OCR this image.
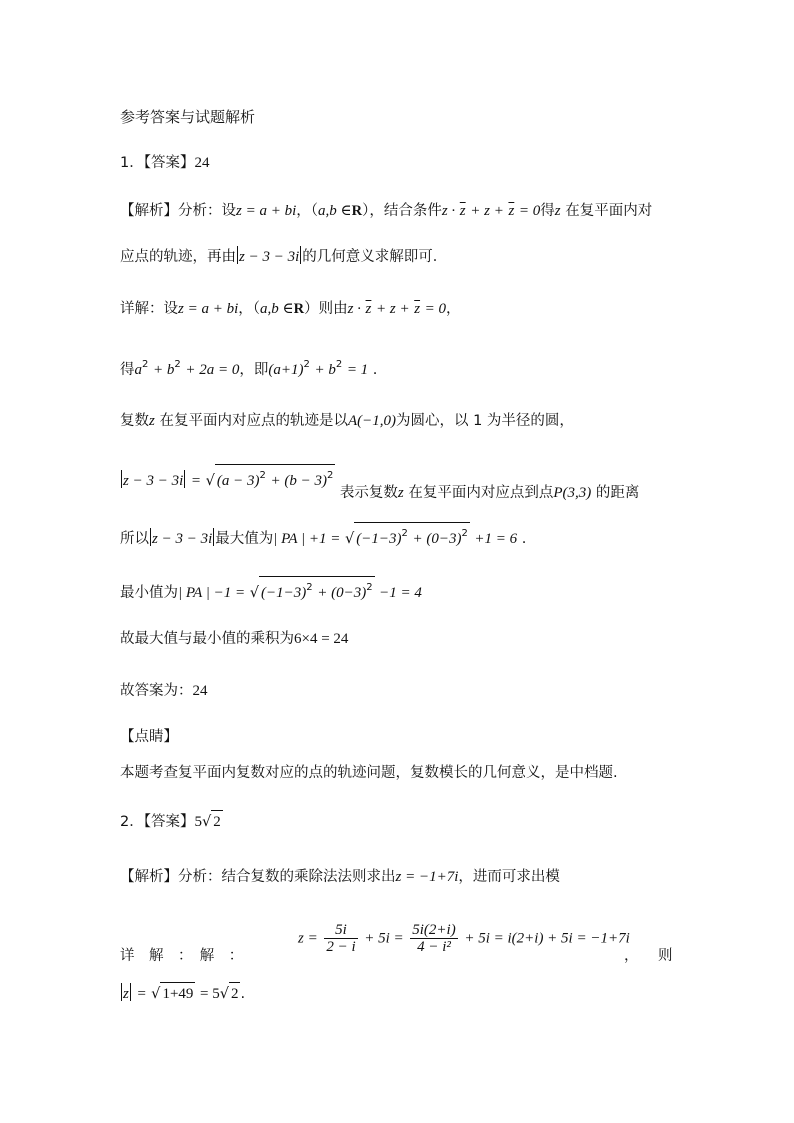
参考答案与试题解析
1．【答案】24
【解析】分析：设z = a + bi，（a,b ∈R），结合条件$z \cdot \overline{z} + z + \overline{z} = 0$得z 在复平面内对
应点的轨迹，再由 z − 3 − 3i 的几何意义求解即可．
详解：设z = a + bi，（a,b ∈R）则由$z \cdot \overline{z} + z + \overline{z} = 0$，
得$a^2 + b^2 + 2a = 0$，即$(a+1)^2 + b^2 = 1$ .
复数z 在复平面内对应点的轨迹是以A(−1,0)为圆心，以 1 为半径的圆，
z − 3 − 3i = √ $(a - 3)^2 + (b - 3)^2$ 表示复数z 在复平面内对应点到点P(3,3) 的距离
所以 z − 3 − 3i 最大值为| PA | +1 = √ $(-1-3)^2 + (0-3)^2 +1 = 6$ .
最小值为| PA | −1 = √ $(-1-3)^2 + (0-3)^2 -1 = 4$
故最大值与最小值的乘积为6×4 = 24
故答案为：24
【点睛】
本题考查复平面内复数对应的点的轨迹问题，复数模长的几何意义，是中档题.
2．【答案】5√ 2
【解析】分析：结合复数的乘除法法则求出z = −1+7i，进而可求出模
详　解　：　解　：
$z = \frac{5i}{2 - i} + 5i = \frac{5i(2+i)}{\text{4 − i²}} + 5i = i(2+i) + 5i = -1+7i$
， 则
z = √ 1+49 = 5√ 2 .
